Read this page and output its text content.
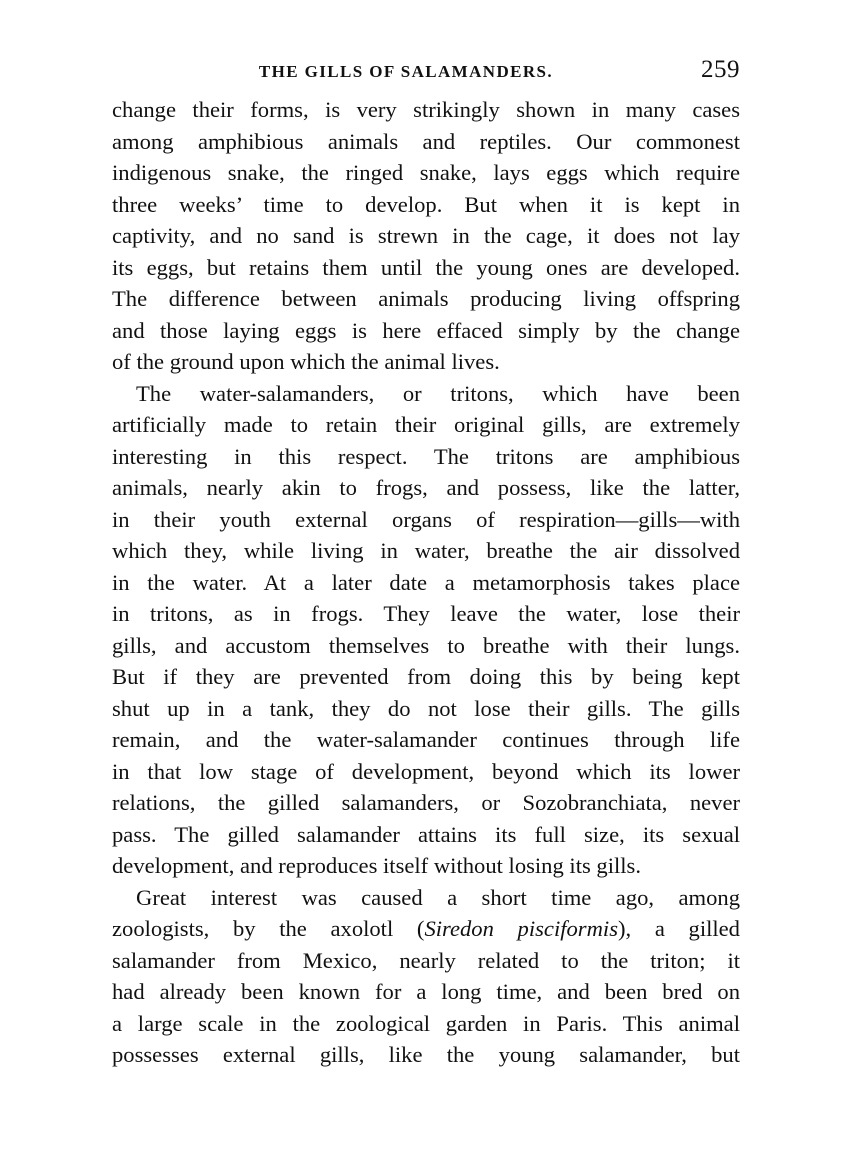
THE GILLS OF SALAMANDERS.	259
change their forms, is very strikingly shown in many cases
among amphibious animals and reptiles. Our commonest
indigenous snake, the ringed snake, lays eggs which require
three weeks’ time to develop. But when it is kept in
captivity, and no sand is strewn in the cage, it does not lay
its eggs, but retains them until the young ones are developed.
The difference between animals producing living offspring
and those laying eggs is here effaced simply by the change
of the ground upon which the animal lives.
The water-salamanders, or tritons, which have been
artificially made to retain their original gills, are extremely
interesting in this respect. The tritons are amphibious
animals, nearly akin to frogs, and possess, like the latter,
in their youth external organs of respiration—gills—with
which they, while living in water, breathe the air dissolved
in the water. At a later date a metamorphosis takes place
in tritons, as in frogs. They leave the water, lose their
gills, and accustom themselves to breathe with their lungs.
But if they are prevented from doing this by being kept
shut up in a tank, they do not lose their gills. The gills
remain, and the water-salamander continues through life
in that low stage of development, beyond which its lower
relations, the gilled salamanders, or Sozobranchiata, never
pass. The gilled salamander attains its full size, its sexual
development, and reproduces itself without losing its gills.
Great interest was caused a short time ago, among
zoologists, by the axolotl (Siredon pisciformis), a gilled
salamander from Mexico, nearly related to the triton; it
had already been known for a long time, and been bred on
a large scale in the zoological garden in Paris. This animal
possesses external gills, like the young salamander, but
